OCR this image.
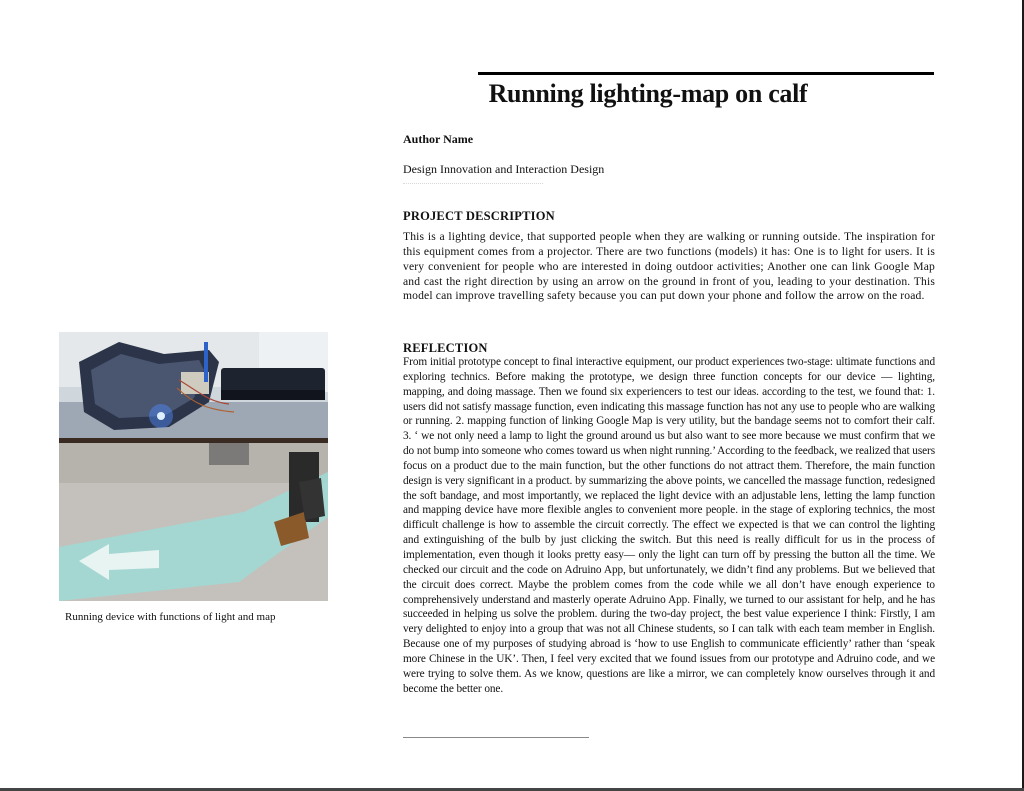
Running lighting-map on calf
Author Name
Design Innovation and Interaction Design
PROJECT DESCRIPTION

This is a lighting device, that supported people when they are walking or running outside. The inspiration for this equipment comes from a projector. There are two functions (models) it has: One is to light for users. It is very convenient for people who are interested in doing outdoor activities; Another one can link Google Map and cast the right direction by using an arrow on the ground in front of you, leading to your destination. This model can improve travelling safety because you can put down your phone and follow the arrow on the road.

REFLECTION

From initial prototype concept to final interactive equipment, our product experiences two-stage: ultimate functions and exploring technics. Before making the prototype, we design three function concepts for our device — lighting, mapping, and doing massage. Then we found six experiencers to test our ideas. according to the test, we found that: 1. users did not satisfy massage function, even indicating this massage function has not any use to people who are walking or running. 2. mapping function of linking Google Map is very utility, but the bandage seems not to comfort their calf. 3. ‘ we not only need a lamp to light the ground around us but also want to see more because we must confirm that we do not bump into someone who comes toward us when night running.’ According to the feedback, we realized that users focus on a product due to the main function, but the other functions do not attract them. Therefore, the main function design is very significant in a product. by summarizing the above points, we cancelled the massage function, redesigned the soft bandage, and most importantly, we replaced the light device with an adjustable lens, letting the lamp function and mapping device have more flexible angles to convenient more people. in the stage of exploring technics, the most difficult challenge is how to assemble the circuit correctly. The effect we expected is that we can control the lighting and extinguishing of the bulb by just clicking the switch. But this need is really difficult for us in the process of implementation, even though it looks pretty easy— only the light can turn off by pressing the button all the time. We checked our circuit and the code on Adruino App, but unfortunately, we didn’t find any problems. But we believed that the circuit does correct. Maybe the problem comes from the code while we all don’t have enough experience to comprehensively understand and masterly operate Adruino App. Finally, we turned to our assistant for help, and he has succeeded in helping us solve the problem. during the two-day project, the best value experience I think: Firstly, I am very delighted to enjoy into a group that was not all Chinese students, so I can talk with each team member in English. Because one of my purposes of studying abroad is ‘how to use English to communicate efficiently’ rather than ‘speak more Chinese in the UK’. Then, I feel very excited that we found issues from our prototype and Adruino code, and we were trying to solve them. As we know, questions are like a mirror, we can completely know ourselves through it and become the better one.

Running device with functions of light and map
